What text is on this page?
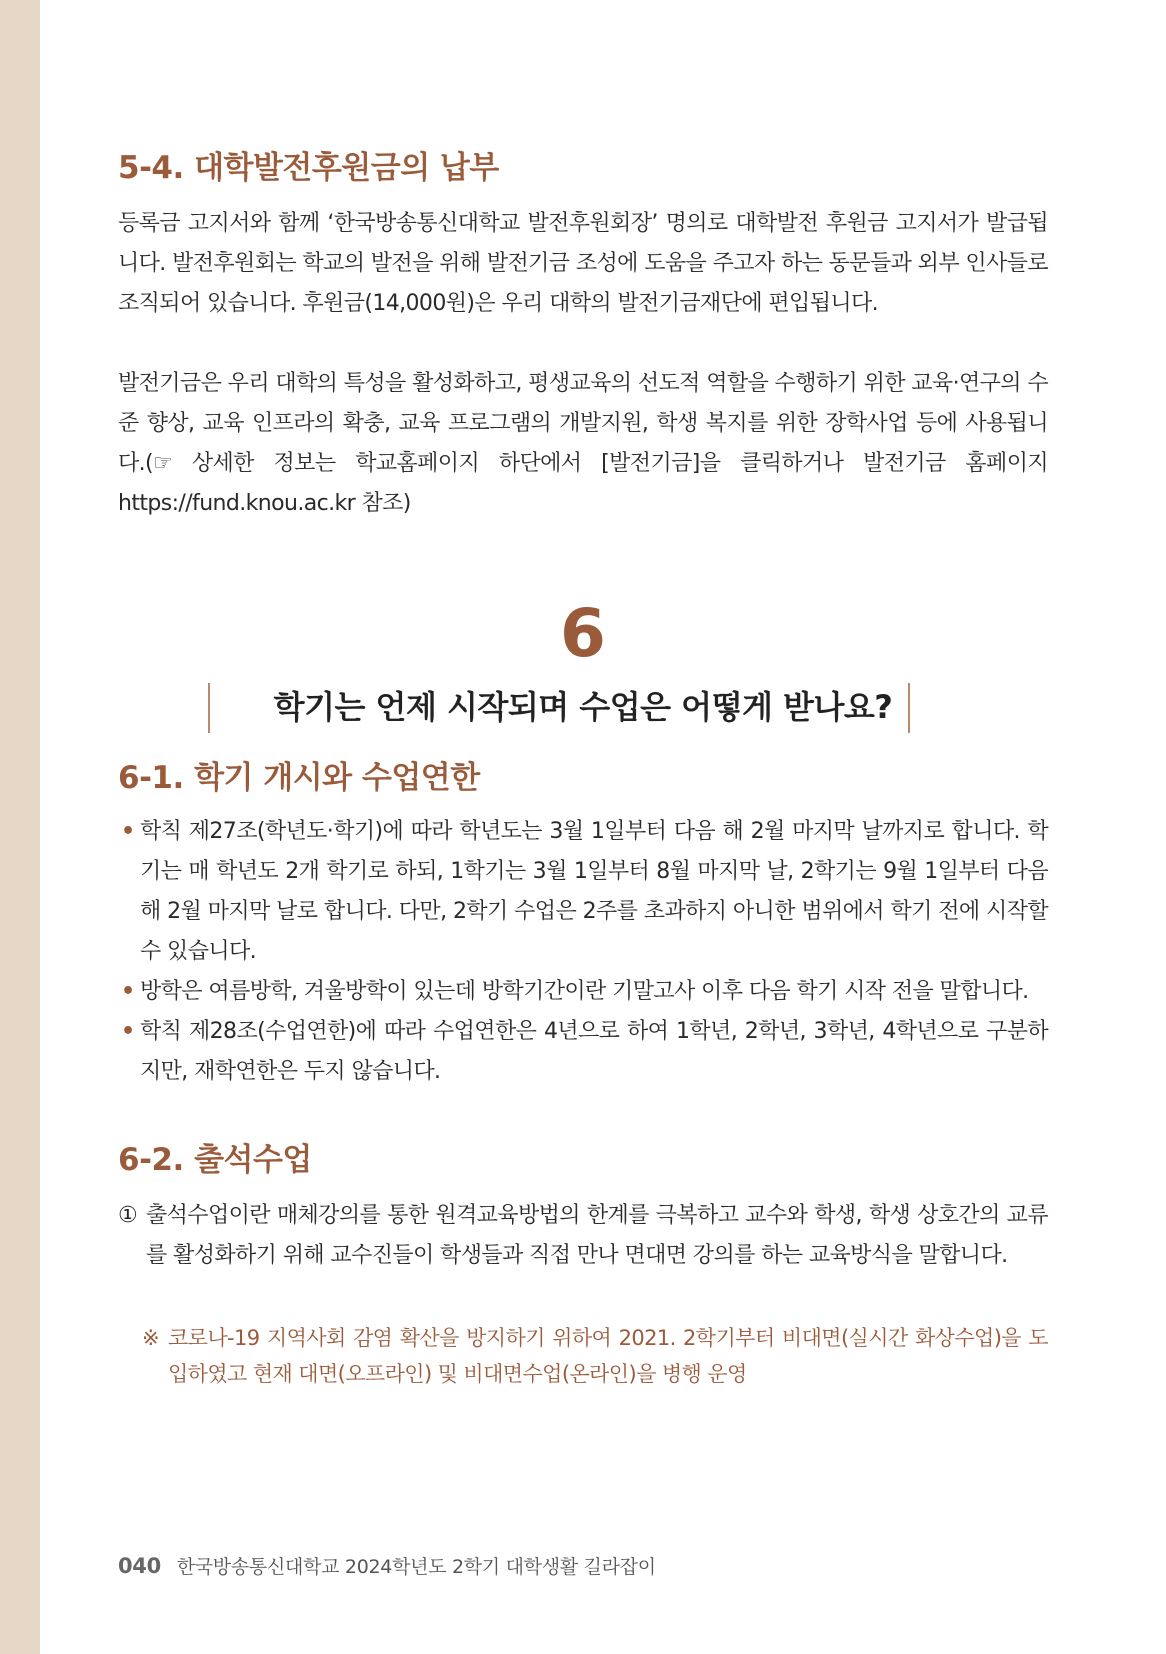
5-4. 대학발전후원금의 납부

등록금 고지서와 함께 ‘한국방송통신대학교 발전후원회장’ 명의로 대학발전 후원금 고지서가 발급됩니다. 발전후원회는 학교의 발전을 위해 발전기금 조성에 도움을 주고자 하는 동문들과 외부 인사들로 조직되어 있습니다. 후원금(14,000원)은 우리 대학의 발전기금재단에 편입됩니다.

발전기금은 우리 대학의 특성을 활성화하고, 평생교육의 선도적 역할을 수행하기 위한 교육·연구의 수준 향상, 교육 인프라의 확충, 교육 프로그램의 개발지원, 학생 복지를 위한 장학사업 등에 사용됩니다.(☞ 상세한 정보는 학교홈페이지 하단에서 [발전기금]을 클릭하거나 발전기금 홈페이지 https://fund.knou.ac.kr 참조)

6
학기는 언제 시작되며 수업은 어떻게 받나요?
6-1. 학기 개시와 수업연한
• 학칙 제27조(학년도·학기)에 따라 학년도는 3월 1일부터 다음 해 2월 마지막 날까지로 합니다. 학기는 매 학년도 2개 학기로 하되, 1학기는 3월 1일부터 8월 마지막 날, 2학기는 9월 1일부터 다음 해 2월 마지막 날로 합니다. 다만, 2학기 수업은 2주를 초과하지 아니한 범위에서 학기 전에 시작할 수 있습니다.
• 방학은 여름방학, 겨울방학이 있는데 방학기간이란 기말고사 이후 다음 학기 시작 전을 말합니다.
• 학칙 제28조(수업연한)에 따라 수업연한은 4년으로 하여 1학년, 2학년, 3학년, 4학년으로 구분하지만, 재학연한은 두지 않습니다.
6-2. 출석수업

① 출석수업이란 매체강의를 통한 원격교육방법의 한계를 극복하고 교수와 학생, 학생 상호간의 교류를 활성화하기 위해 교수진들이 학생들과 직접 만나 면대면 강의를 하는 교육방식을 말합니다.

※ 코로나-19 지역사회 감염 확산을 방지하기 위하여 2021. 2학기부터 비대면(실시간 화상수업)을 도입하였고 현재 대면(오프라인) 및 비대면수업(온라인)을 병행 운영

040 한국방송통신대학교 2024학년도 2학기 대학생활 길라잡이
